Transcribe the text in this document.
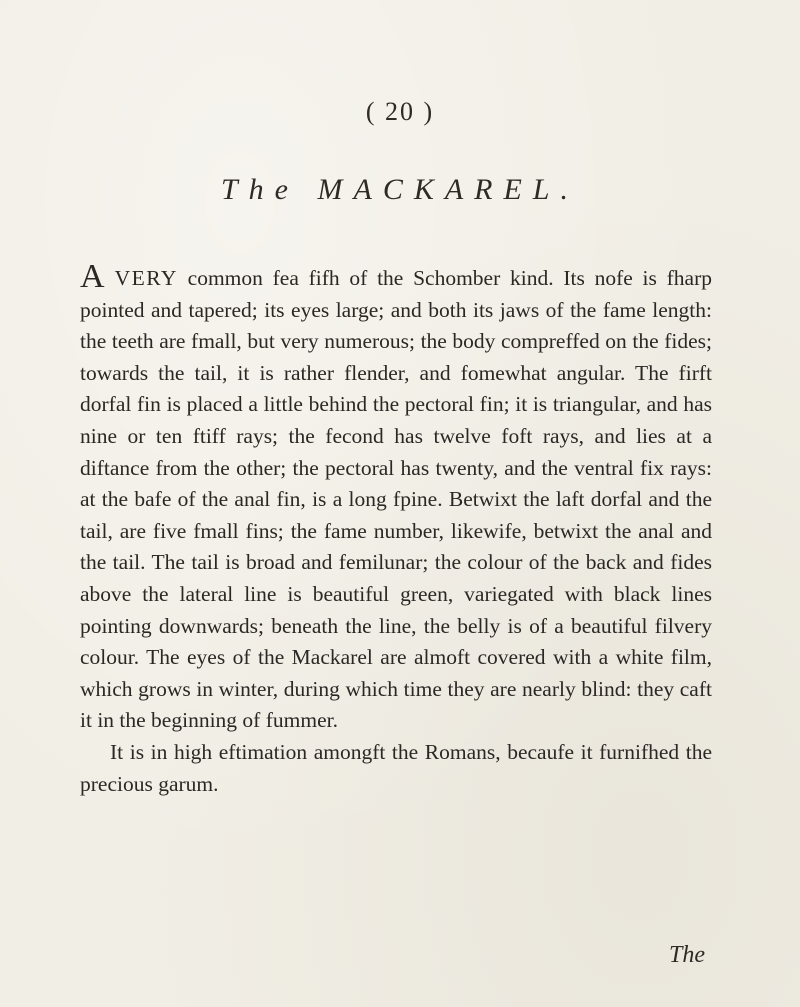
( 20 )
The MACKAREL.

AVERY common fea fifh of the Schomber kind. Its nofe is fharp pointed and tapered; its eyes large; and both its jaws of the fame length: the teeth are fmall, but very numerous; the body compreffed on the fides; towards the tail, it is rather flender, and fomewhat angular. The firft dorfal fin is placed a little behind the pectoral fin; it is triangular, and has nine or ten ftiff rays; the fecond has twelve foft rays, and lies at a diftance from the other; the pectoral has twenty, and the ventral fix rays: at the bafe of the anal fin, is a long fpine. Betwixt the laft dorfal and the tail, are five fmall fins; the fame number, likewife, betwixt the anal and the tail. The tail is broad and femilunar; the colour of the back and fides above the lateral line is beautiful green, variegated with black lines pointing downwards; beneath the line, the belly is of a beautiful filvery colour. The eyes of the Mackarel are almoft covered with a white film, which grows in winter, during which time they are nearly blind: they caft it in the beginning of fummer.

It is in high eftimation amongft the Romans, becaufe it furnifhed the precious garum.

The
